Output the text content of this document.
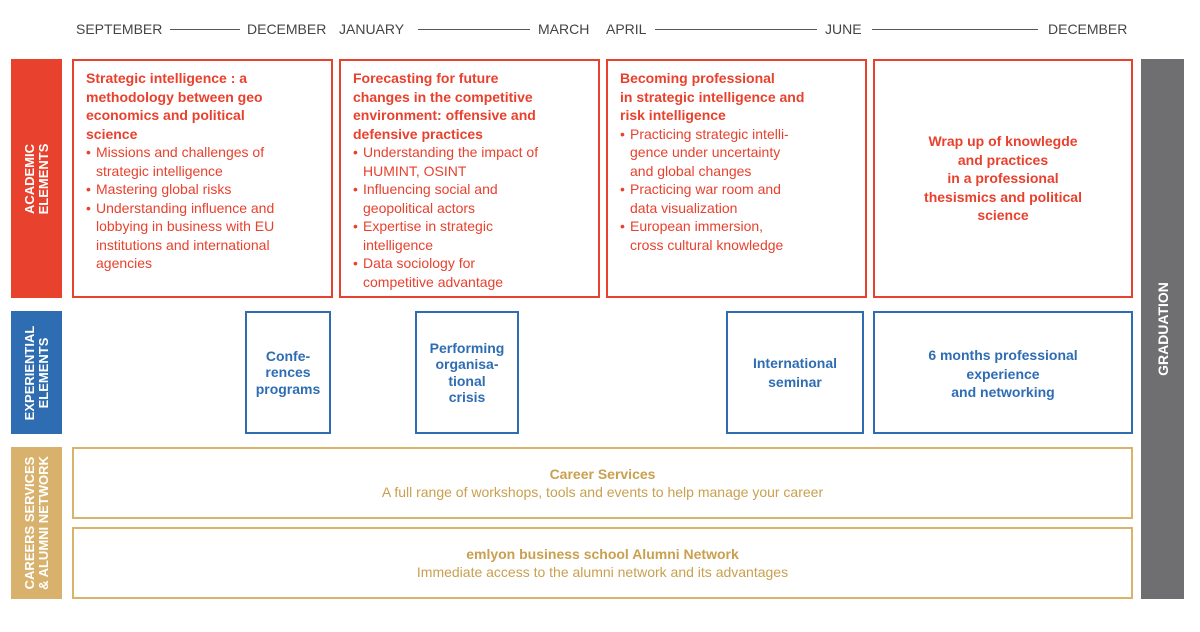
SEPTEMBER	DECEMBER JANUARY	MARCH APRIL	JUNE	DECEMBER
ACADEMIC ELEMENTS
EXPERIENTIAL ELEMENTS
CAREERS SERVICES & ALUMNI NETWORK
GRADUATION
Strategic intelligence : a
methodology between geo
economics and political
science
• Missions and challenges of
strategic intelligence
• Mastering global risks
• Understanding influence and
lobbying in business with EU
institutions and international
agencies
Forecasting for future
changes in the competitive
environment: offensive and
defensive practices
• Understanding the impact of
HUMINT, OSINT
• Influencing social and
geopolitical actors
• Expertise in strategic
intelligence
• Data sociology for
competitive advantage
Becoming professional
in strategic intelligence and
risk intelligence
• Practicing strategic intelli-
gence under uncertainty
and global changes
• Practicing war room and
data visualization
• European immersion,
cross cultural knowledge
Wrap up of knowlegde
and practices
in a professional
thesismics and political
science
Confe-
rences
programs
Performing
organisa-
tional
crisis
International
seminar
6 months professional
experience
and networking
Career Services
A full range of workshops, tools and events to help manage your career
emlyon business school Alumni Network
Immediate access to the alumni network and its advantages
